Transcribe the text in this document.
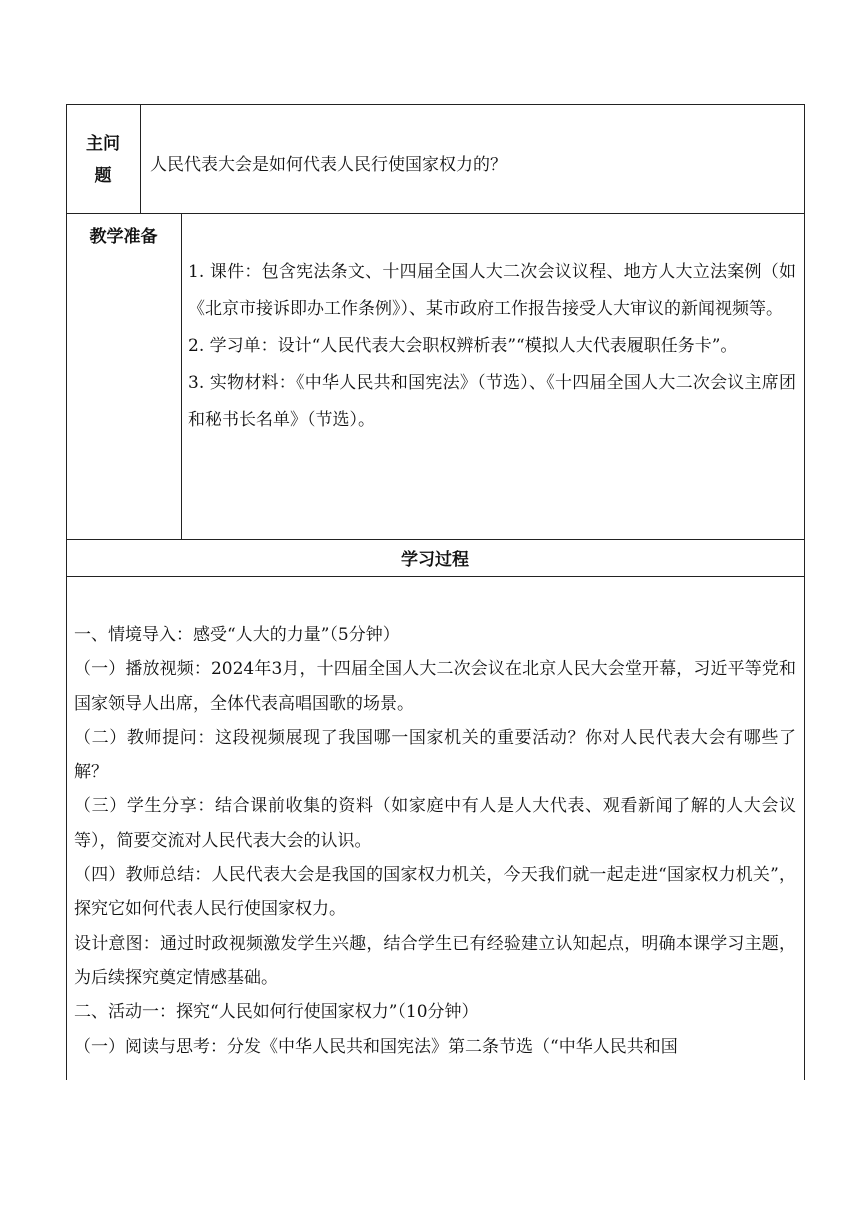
主问
题
人民代表大会是如何代表人民行使国家权力的？
教学准备

1. 课件：包含宪法条文、十四届全国人大二次会议议程、地方人大立法案例（如《北京市接诉即办工作条例》）、某市政府工作报告接受人大审议的新闻视频等。

2. 学习单：设计“人民代表大会职权辨析表”“模拟人大代表履职任务卡”。

3. 实物材料：《中华人民共和国宪法》（节选）、《十四届全国人大二次会议主席团和秘书长名单》（节选）。

学习过程

一、情境导入：感受“人大的力量”（5分钟）

（一）播放视频：2024年3月，十四届全国人大二次会议在北京人民大会堂开幕，习近平等党和国家领导人出席，全体代表高唱国歌的场景。

（二）教师提问：这段视频展现了我国哪一国家机关的重要活动？你对人民代表大会有哪些了解？

（三）学生分享：结合课前收集的资料（如家庭中有人是人大代表、观看新闻了解的人大会议等），简要交流对人民代表大会的认识。

（四）教师总结：人民代表大会是我国的国家权力机关，今天我们就一起走进“国家权力机关”，探究它如何代表人民行使国家权力。

设计意图：通过时政视频激发学生兴趣，结合学生已有经验建立认知起点，明确本课学习主题，为后续探究奠定情感基础。

二、活动一：探究“人民如何行使国家权力”（10分钟）

（一）阅读与思考：分发《中华人民共和国宪法》第二条节选（“中华人民共和国
